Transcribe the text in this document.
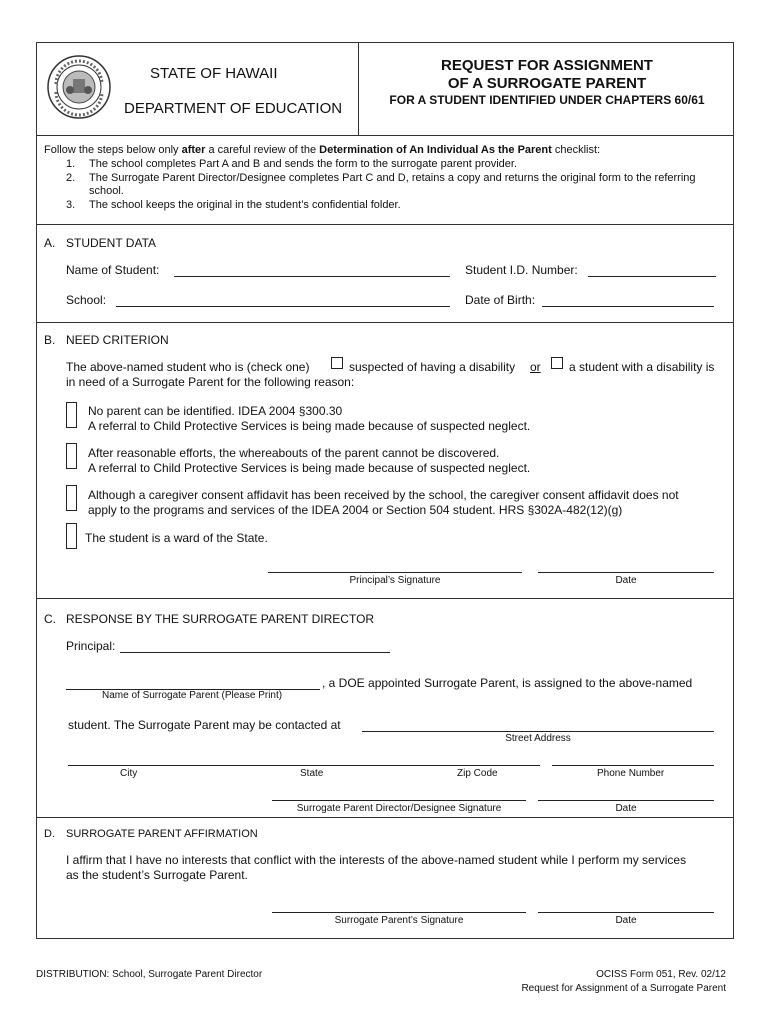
STATE OF HAWAII
DEPARTMENT OF EDUCATION
REQUEST FOR ASSIGNMENT
OF A SURROGATE PARENT
FOR A STUDENT IDENTIFIED UNDER CHAPTERS 60/61
Follow the steps below only after a careful review of the Determination of An Individual As the Parent checklist:
1. The school completes Part A and B and sends the form to the surrogate parent provider.
2. The Surrogate Parent Director/Designee completes Part C and D, retains a copy and returns the original form to the referring
school.
3. The school keeps the original in the student’s confidential folder.
A. STUDENT DATA
Name of Student:	Student I.D. Number:
School:	Date of Birth:
B. NEED CRITERION
The above-named student who is (check one)	suspected of having a disability or a student with a disability is
in need of a Surrogate Parent for the following reason:
No parent can be identified. IDEA 2004 §300.30
A referral to Child Protective Services is being made because of suspected neglect.
After reasonable efforts, the whereabouts of the parent cannot be discovered.
A referral to Child Protective Services is being made because of suspected neglect.
Although a caregiver consent affidavit has been received by the school, the caregiver consent affidavit does not
apply to the programs and services of the IDEA 2004 or Section 504 student. HRS §302A-482(12)(g)
The student is a ward of the State.
Principal’s Signature	Date
C. RESPONSE BY THE SURROGATE PARENT DIRECTOR
Principal:
, a DOE appointed Surrogate Parent, is assigned to the above-named
Name of Surrogate Parent (Please Print)
student. The Surrogate Parent may be contacted at
Street Address
City	State	Zip Code	Phone Number
Surrogate Parent Director/Designee Signature	Date
D. SURROGATE PARENT AFFIRMATION
I affirm that I have no interests that conflict with the interests of the above-named student while I perform my services
as the student’s Surrogate Parent.
Surrogate Parent’s Signature	Date
DISTRIBUTION: School, Surrogate Parent Director	OCISS Form 051, Rev. 02/12
Request for Assignment of a Surrogate Parent
